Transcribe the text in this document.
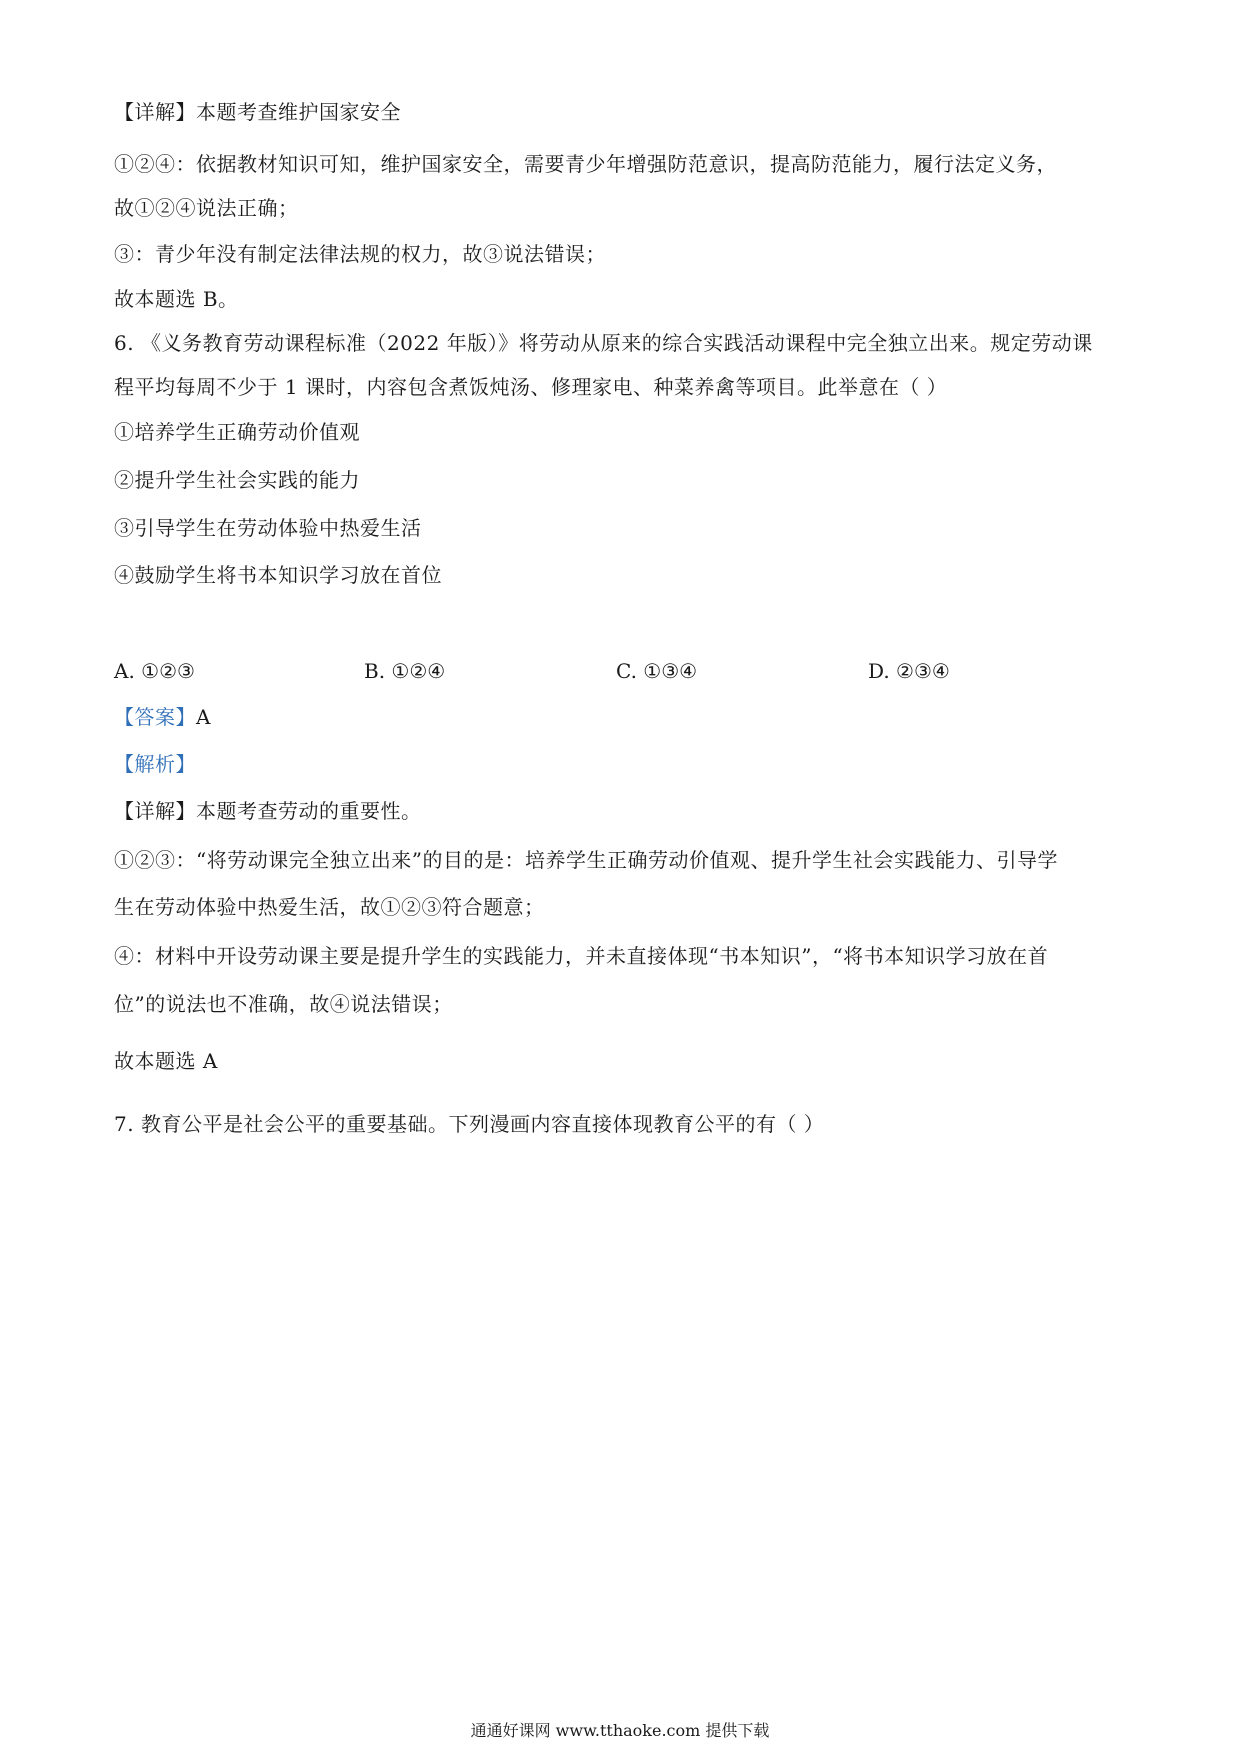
【详解】本题考查维护国家安全
①②④：依据教材知识可知，维护国家安全，需要青少年增强防范意识，提高防范能力，履行法定义务，
故①②④说法正确；
③：青少年没有制定法律法规的权力，故③说法错误；
故本题选 B。
6. 《义务教育劳动课程标准（2022 年版）》将劳动从原来的综合实践活动课程中完全独立出来。规定劳动课
程平均每周不少于 1 课时，内容包含煮饭炖汤、修理家电、种菜养禽等项目。此举意在（ ）
①培养学生正确劳动价值观
②提升学生社会实践的能力
③引导学生在劳动体验中热爱生活
④鼓励学生将书本知识学习放在首位
A. ①②③	B. ①②④	C. ①③④	D. ②③④
【答案】A
【解析】
【详解】本题考查劳动的重要性。
①②③：“将劳动课完全独立出来”的目的是：培养学生正确劳动价值观、提升学生社会实践能力、引导学
生在劳动体验中热爱生活，故①②③符合题意；
④：材料中开设劳动课主要是提升学生的实践能力，并未直接体现“书本知识”，“将书本知识学习放在首
位”的说法也不准确，故④说法错误；
故本题选 A
7. 教育公平是社会公平的重要基础。下列漫画内容直接体现教育公平的有（ ）
通通好课网 www.tthaoke.com 提供下载
